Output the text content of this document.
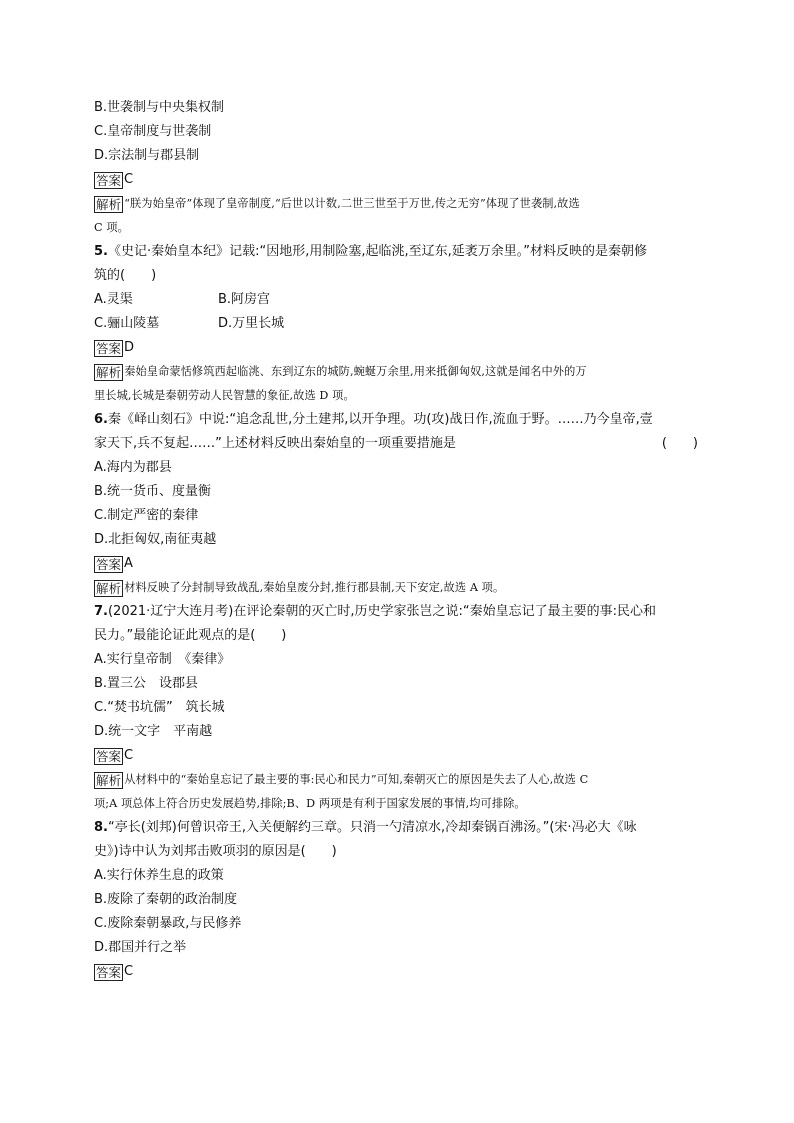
B.世袭制与中央集权制
C.皇帝制度与世袭制
D.宗法制与郡县制
答案 C
解析 “朕为始皇帝”体现了皇帝制度,“后世以计数,二世三世至于万世,传之无穷”体现了世袭制,故选
C 项。
5.《史记·秦始皇本纪》记载:“因地形,用制险塞,起临洮,至辽东,延袤万余里。”材料反映的是秦朝修
筑的(　　)
A.灵渠	B.阿房宫
C.骊山陵墓	D.万里长城
答案 D
解析 秦始皇命蒙恬修筑西起临洮、东到辽东的城防,蜿蜒万余里,用来抵御匈奴,这就是闻名中外的万
里长城,长城是秦朝劳动人民智慧的象征,故选 D 项。
6.秦《峄山刻石》中说:“追念乱世,分土建邦,以开争理。功(攻)战日作,流血于野。……乃今皇帝,壹
家天下,兵不复起……”上述材料反映出秦始皇的一项重要措施是	(　　)
A.海内为郡县
B.统一货币、度量衡
C.制定严密的秦律
D.北拒匈奴,南征夷越
答案 A
解析 材料反映了分封制导致战乱,秦始皇废分封,推行郡县制,天下安定,故选 A 项。
7.(2021·辽宁大连月考)在评论秦朝的灭亡时,历史学家张岂之说:“秦始皇忘记了最主要的事:民心和
民力。”最能论证此观点的是(　　)
A.实行皇帝制　《秦律》
B.置三公　设郡县
C.“焚书坑儒”　筑长城
D.统一文字　平南越
答案 C
解析 从材料中的“秦始皇忘记了最主要的事:民心和民力”可知,秦朝灭亡的原因是失去了人心,故选 C
项;A 项总体上符合历史发展趋势,排除;B、D 两项是有利于国家发展的事情,均可排除。
8.“亭长(刘邦)何曾识帝王,入关便解约三章。只消一勺清凉水,冷却秦锅百沸汤。”(宋·冯必大《咏
史》)诗中认为刘邦击败项羽的原因是(　　)
A.实行休养生息的政策
B.废除了秦朝的政治制度
C.废除秦朝暴政,与民修养
D.郡国并行之举
答案 C
